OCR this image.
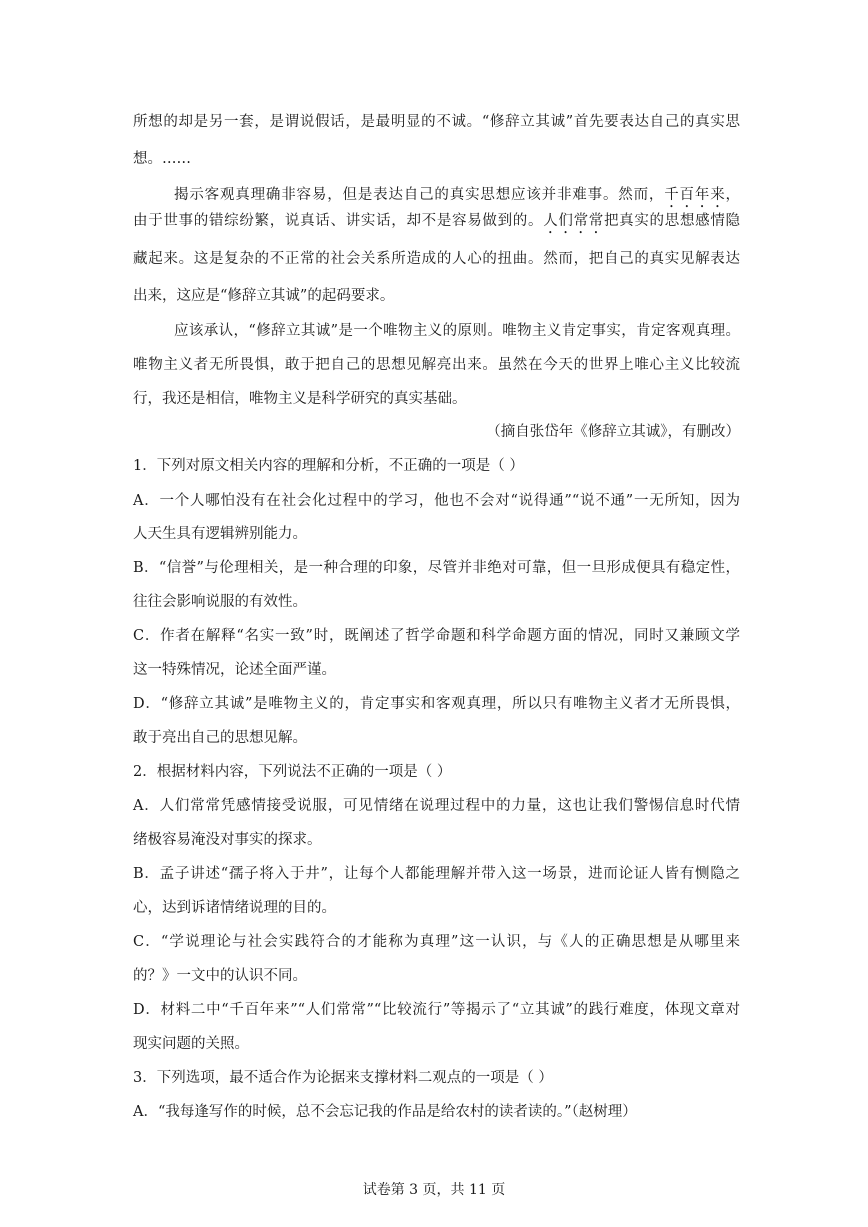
所想的却是另一套，是谓说假话，是最明显的不诚。“修辞立其诚”首先要表达自己的真实思

想。……

揭示客观真理确非容易，但是表达自己的真实思想应该并非难事。然而，千百年来，

由于世事的错综纷繁，说真话、讲实话，却不是容易做到的。人们常常把真实的思想感情隐

藏起来。这是复杂的不正常的社会关系所造成的人心的扭曲。然而，把自己的真实见解表达

出来，这应是“修辞立其诚”的起码要求。

应该承认，“修辞立其诚”是一个唯物主义的原则。唯物主义肯定事实，肯定客观真理。

唯物主义者无所畏惧，敢于把自己的思想见解亮出来。虽然在今天的世界上唯心主义比较流

行，我还是相信，唯物主义是科学研究的真实基础。

（摘自张岱年《修辞立其诚》，有删改）

1．下列对原文相关内容的理解和分析，不正确的一项是（ ）

A．一个人哪怕没有在社会化过程中的学习，他也不会对“说得通”“说不通”一无所知，因为

人天生具有逻辑辨别能力。

B．“信誉”与伦理相关，是一种合理的印象，尽管并非绝对可靠，但一旦形成便具有稳定性，

往往会影响说服的有效性。

C．作者在解释“名实一致”时，既阐述了哲学命题和科学命题方面的情况，同时又兼顾文学

这一特殊情况，论述全面严谨。

D．“修辞立其诚”是唯物主义的，肯定事实和客观真理，所以只有唯物主义者才无所畏惧，

敢于亮出自己的思想见解。

2．根据材料内容，下列说法不正确的一项是（ ）

A．人们常常凭感情接受说服，可见情绪在说理过程中的力量，这也让我们警惕信息时代情

绪极容易淹没对事实的探求。

B．孟子讲述“孺子将入于井”，让每个人都能理解并带入这一场景，进而论证人皆有恻隐之

心，达到诉诸情绪说理的目的。

C．“学说理论与社会实践符合的才能称为真理”这一认识，与《人的正确思想是从哪里来

的？》一文中的认识不同。

D．材料二中“千百年来”“人们常常”“比较流行”等揭示了“立其诚”的践行难度，体现文章对

现实问题的关照。

3．下列选项，最不适合作为论据来支撑材料二观点的一项是（ ）

A．“我每逢写作的时候，总不会忘记我的作品是给农村的读者读的。”（赵树理）

试卷第 3 页，共 11 页
